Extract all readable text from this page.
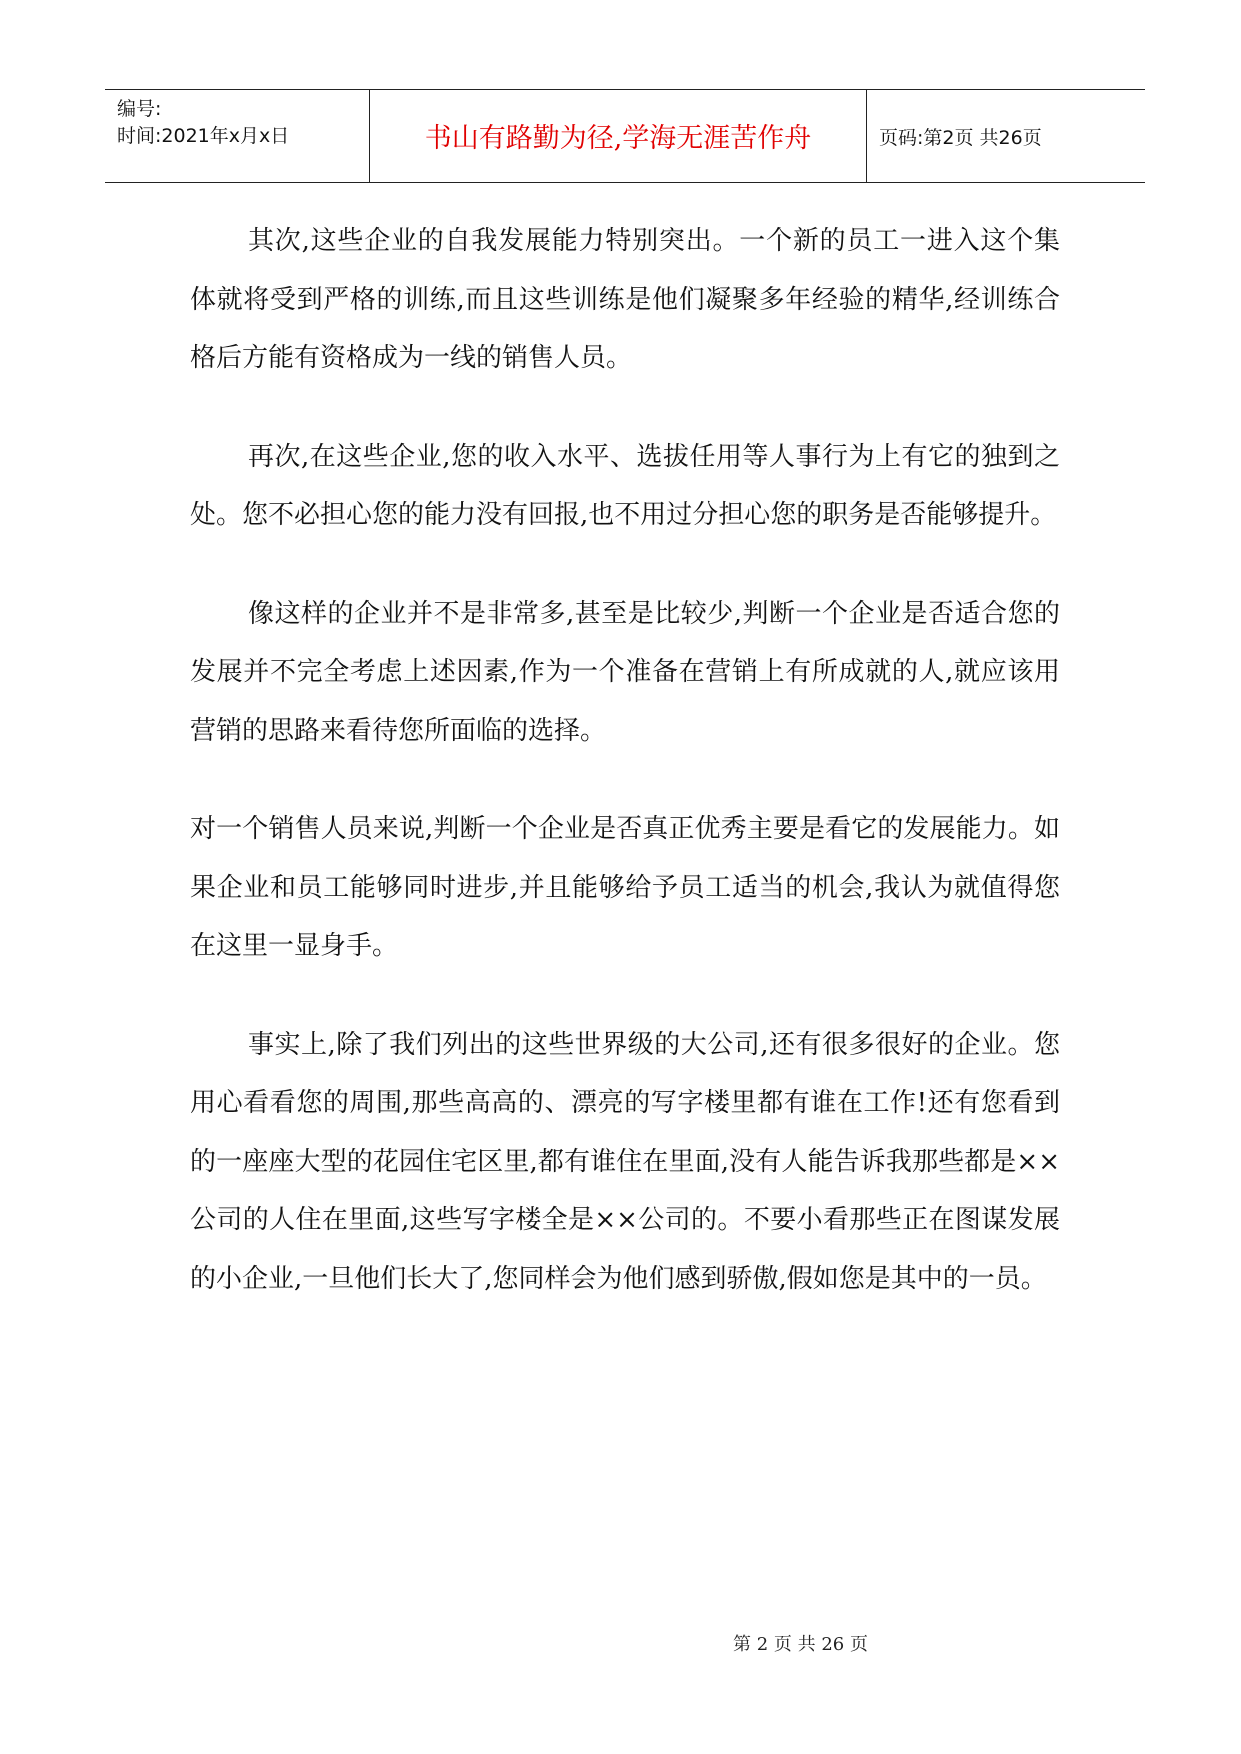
编号:
时间:2021年x月x日	书山有路勤为径,学海无涯苦作舟	页码:第2页 共26页

其次,这些企业的自我发展能力特别突出。一个新的员工一进入这个集体就将受到严格的训练,而且这些训练是他们凝聚多年经验的精华,经训练合格后方能有资格成为一线的销售人员。

再次,在这些企业,您的收入水平、选拔任用等人事行为上有它的独到之处。您不必担心您的能力没有回报,也不用过分担心您的职务是否能够提升。

像这样的企业并不是非常多,甚至是比较少,判断一个企业是否适合您的发展并不完全考虑上述因素,作为一个准备在营销上有所成就的人,就应该用营销的思路来看待您所面临的选择。

对一个销售人员来说,判断一个企业是否真正优秀主要是看它的发展能力。如果企业和员工能够同时进步,并且能够给予员工适当的机会,我认为就值得您在这里一显身手。

事实上,除了我们列出的这些世界级的大公司,还有很多很好的企业。您用心看看您的周围,那些高高的、漂亮的写字楼里都有谁在工作!还有您看到的一座座大型的花园住宅区里,都有谁住在里面,没有人能告诉我那些都是××公司的人住在里面,这些写字楼全是××公司的。不要小看那些正在图谋发展的小企业,一旦他们长大了,您同样会为他们感到骄傲,假如您是其中的一员。

第 2 页 共 26 页
